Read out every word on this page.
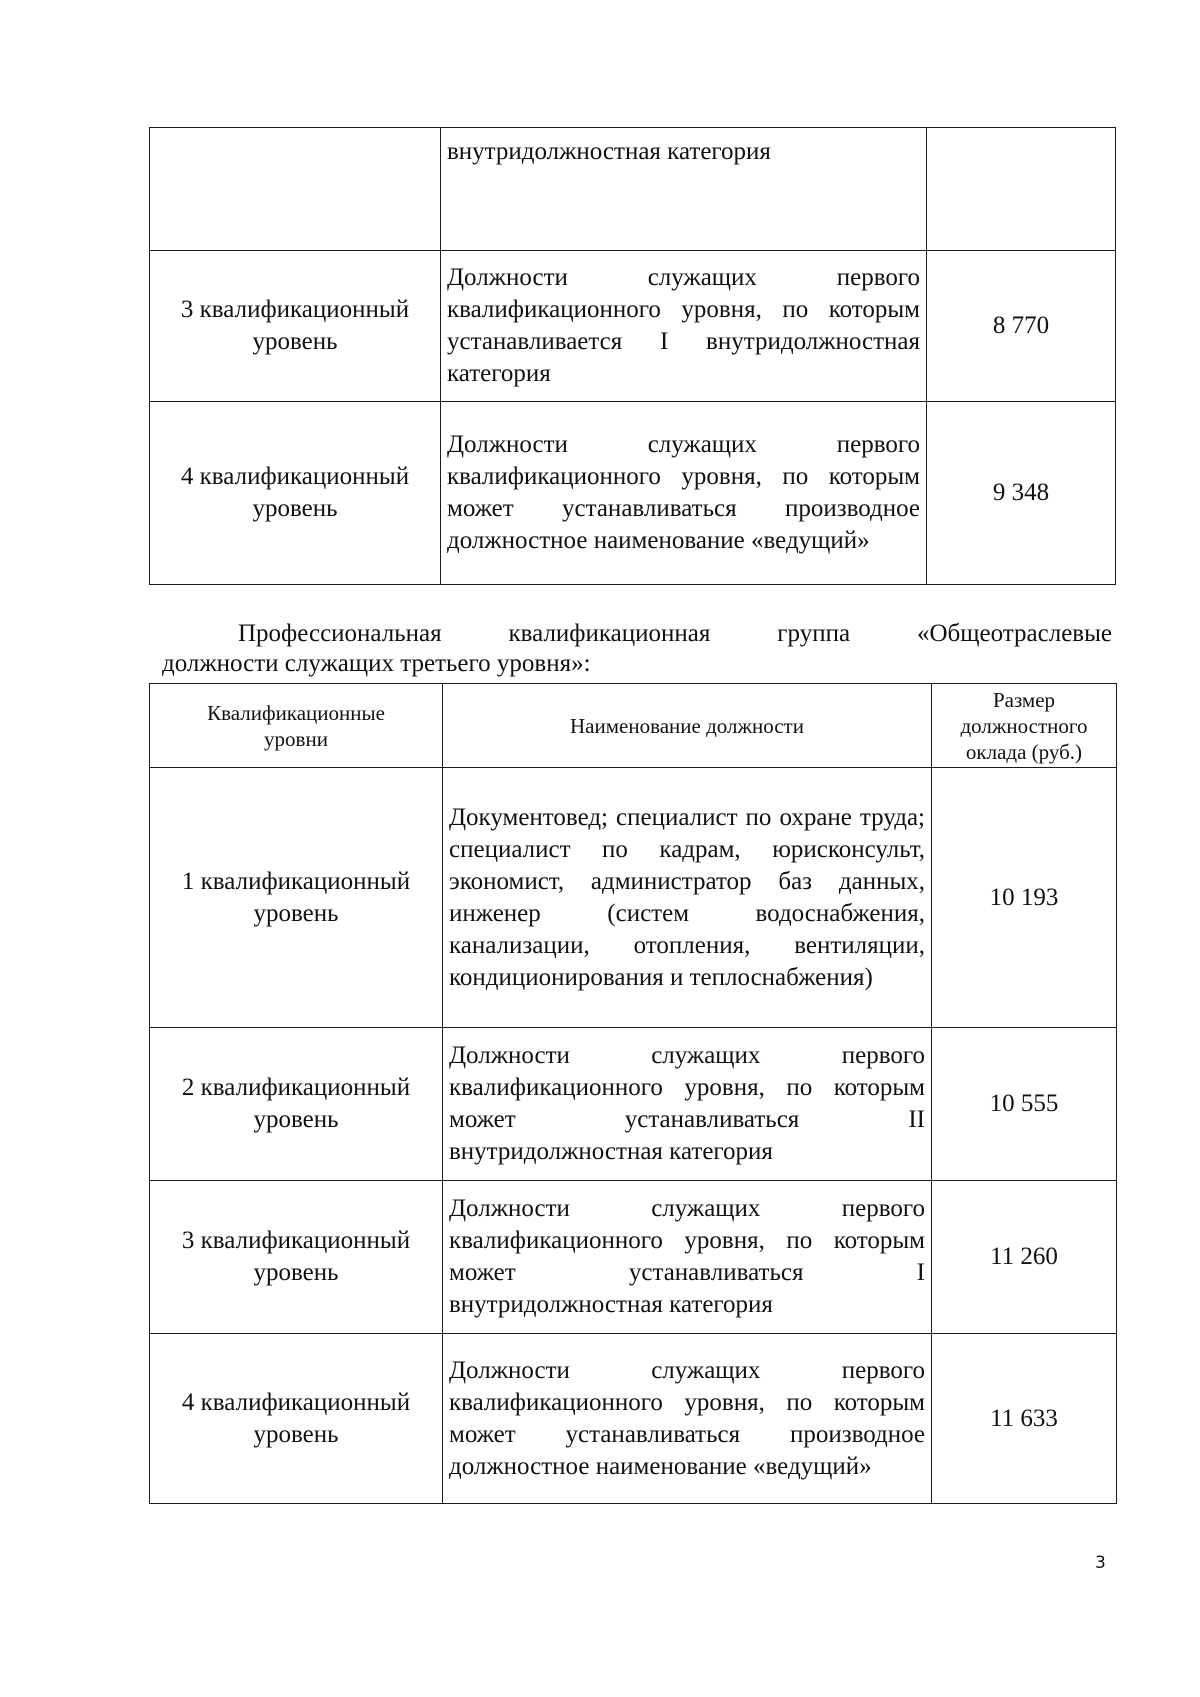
	внутридолжностная категория	

3 квалификационный уровень	Должности служащих первого квалификационного уровня, по которым устанавливается I внутридолжностная категория	8 770
4 квалификационный уровень	Должности служащих первого квалификационного уровня, по которым может устанавливаться производное должностное наименование «ведущий»	9 348
Профессиональная квалификационная группа «Общеотраслевые
должности служащих третьего уровня»:
Квалификационные уровни	Наименование должности	Размер должностного оклада (руб.)
1 квалификационный уровень	Документовед; специалист по охране труда; специалист по кадрам, юрисконсульт, экономист, администратор баз данных, инженер (систем водоснабжения, канализации, отопления, вентиляции, кондиционирования и теплоснабжения)	10 193
2 квалификационный уровень	Должности служащих первого квалификационного уровня, по которым может устанавливаться II внутридолжностная категория	10 555
3 квалификационный уровень	Должности служащих первого квалификационного уровня, по которым может устанавливаться I внутридолжностная категория	11 260
4 квалификационный уровень	Должности служащих первого квалификационного уровня, по которым может устанавливаться производное должностное наименование «ведущий»	11 633
3
